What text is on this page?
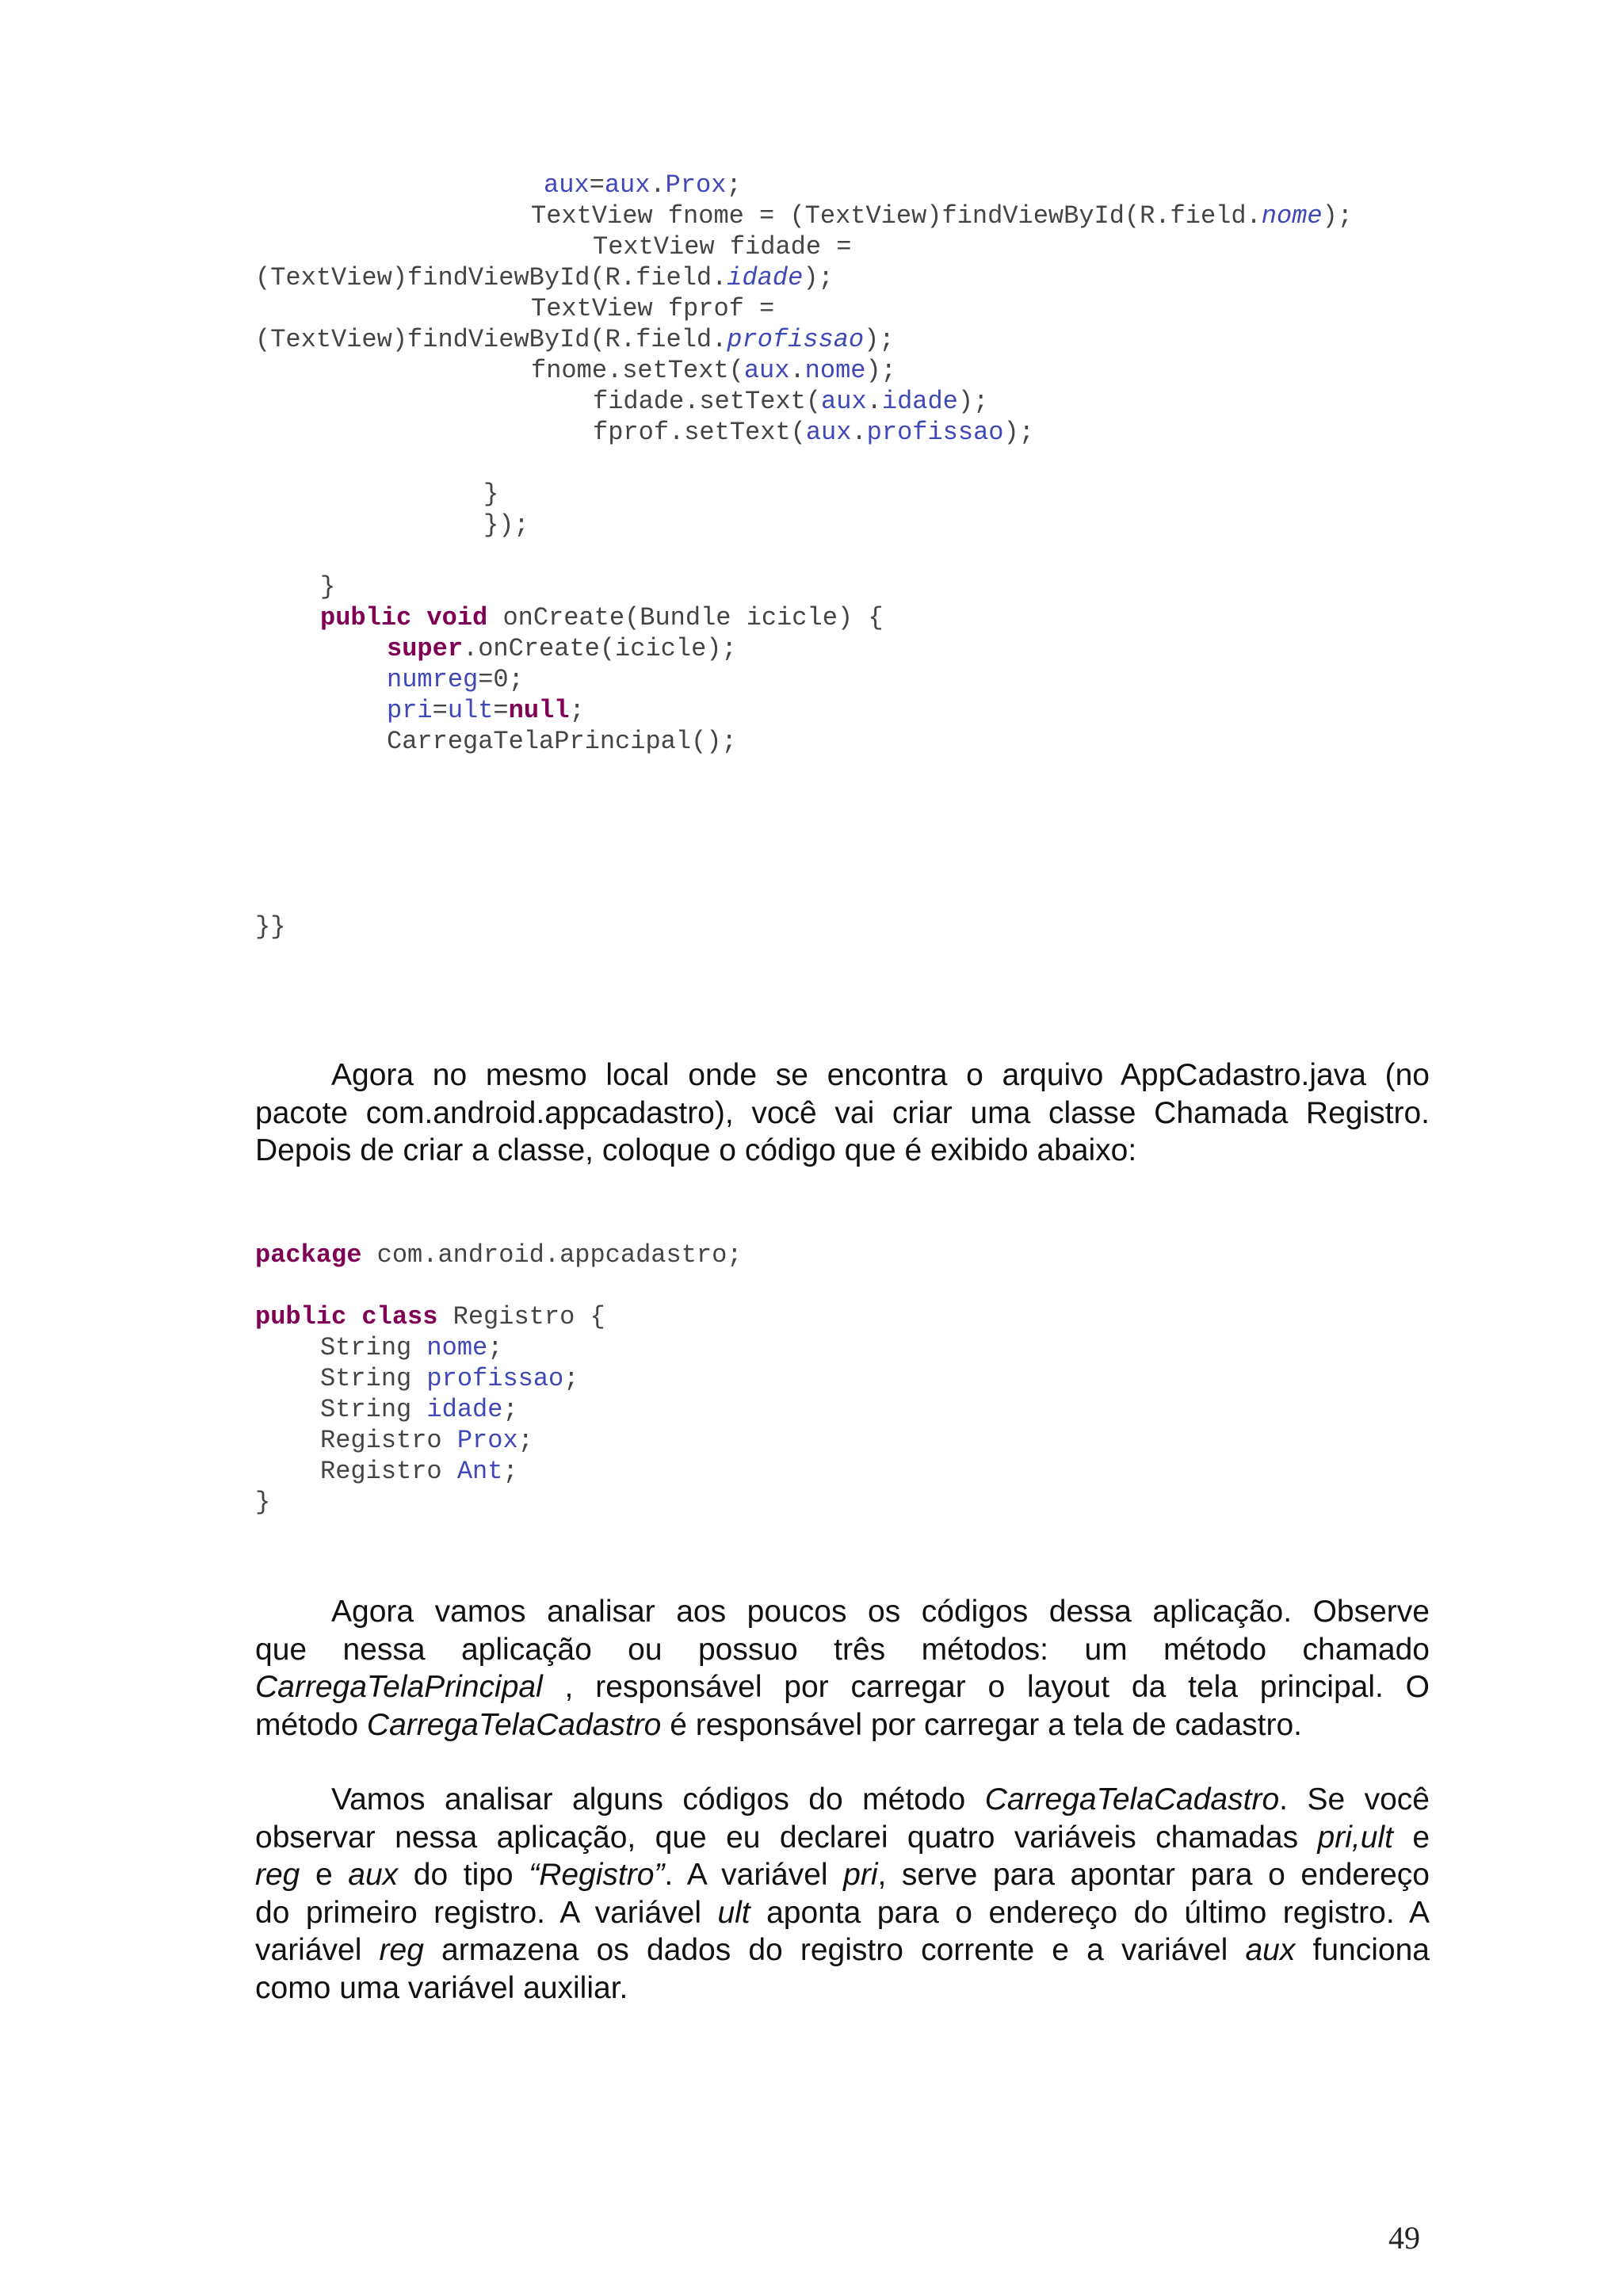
aux=aux.Prox;

TextView fnome = (TextView)findViewById(R.field.nome);

TextView fidade =

(TextView)findViewById(R.field.idade);

TextView fprof =

(TextView)findViewById(R.field.profissao);

fnome.setText(aux.nome);

fidade.setText(aux.idade);

fprof.setText(aux.profissao);

}

});

}

public void onCreate(Bundle icicle) {

super.onCreate(icicle);

numreg=0;

pri=ult=null;

CarregaTelaPrincipal();

}}

Agora no mesmo local onde se encontra o arquivo AppCadastro.java (no
pacote com.android.appcadastro), você vai criar uma classe Chamada Registro.
Depois de criar a classe, coloque o código que é exibido abaixo:

package com.android.appcadastro;

public class Registro {

String nome;

String profissao;

String idade;

Registro Prox;

Registro Ant;

}

Agora vamos analisar aos poucos os códigos dessa aplicação. Observe
que nessa aplicação ou possuo três métodos: um método chamado
CarregaTelaPrincipal , responsável por carregar o layout da tela principal. O
método CarregaTelaCadastro é responsável por carregar a tela de cadastro.
Vamos analisar alguns códigos do método CarregaTelaCadastro. Se você
observar nessa aplicação, que eu declarei quatro variáveis chamadas pri,ult e
reg e aux do tipo “Registro”. A variável pri, serve para apontar para o endereço
do primeiro registro. A variável ult aponta para o endereço do último registro. A
variável reg armazena os dados do registro corrente e a variável aux funciona
como uma variável auxiliar.

49
